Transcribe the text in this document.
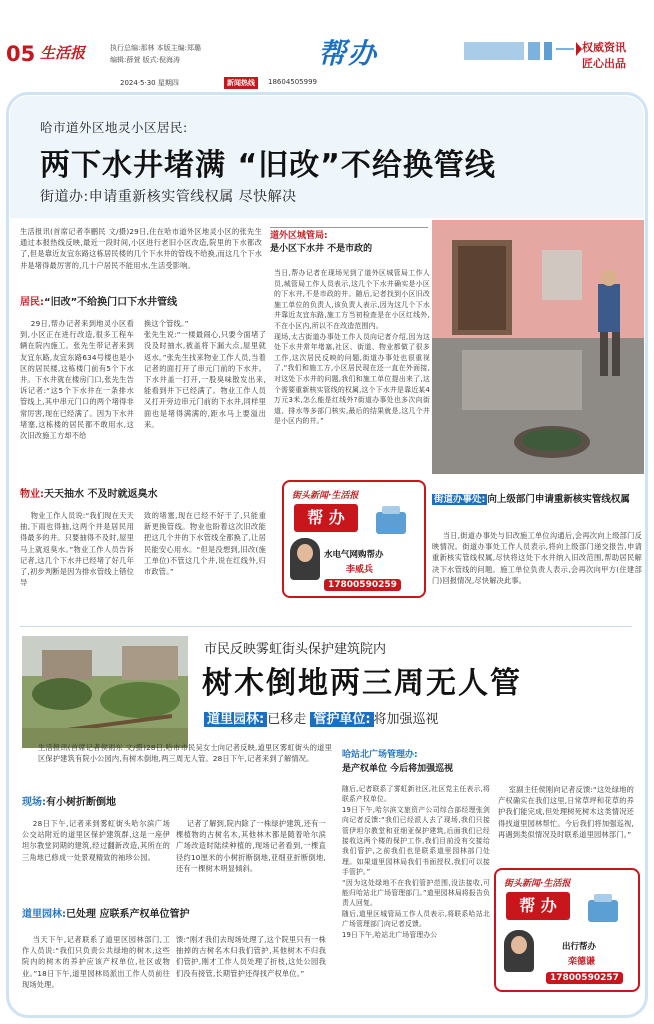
05 生活报	执行总编:那林 本版主编:郑璐
编辑:薛萱 版式:倪海涛
2024·5·30 星期四	新闻热线	18604505999
帮办	权威资讯
匠心出品
哈市道外区地灵小区居民:
两下水井堵满 “旧改”不给换管线
街道办:申请重新核实管线权属 尽快解决
生活报讯(首席记者李鹏民 文/摄)29日,住在哈市道外区地灵小区的张先生通过本报热线反映,最近一段时间,小区进行老旧小区改造,院里的下水都改了,但是靠近友宜东路这栋居民楼的几个下水井的管线不给换,而这几个下水井是堵得最厉害的,几十户居民不能用水,生活受影响。
居民:“旧改”不给换门口下水井管线

29日,帮办记者来到地灵小区看到,小区正在进行改造,很多工程车辆在院内施工。张先生带记者来到友宜东路,友宜东路634号楼也是小区的居民楼,这栋楼门前有5个下水井。下水井就在楼房门口,张先生告诉记者:“这5个下水井在一条排水管线上,其中串元门口的两个堵得非常厉害,现在已经满了。因为下水井堵塞,这栋楼的居民都不敢用水,这次旧改施工方却不给

换这个管线。”
张先生说:“一楼最闹心,只要今面堵了没及时抽水,被盖将下漏大点,屋里就返水。”张先生找来物业工作人员,当着记者的面打开了串元门前的下水井。下水井盖一打开,一股臭味散发出来,能看到井下已经满了。物业工作人员又打开旁边串元门前的下水井,同样里面也是堵得满满的,距水马上要溢出来。
物业:天天抽水 不及时就返臭水

物业工作人员说:“我们现在天天抽,下雨也得抽,这两个井是居民用得最多的井。只要抽得不及时,屋里马上就返臭水。”物业工作人员告诉记者,这几个下水井已经堵了好几年了,初步判断是因为排水管线上错位导

致的堵塞,现在已经不好干了,只能重新更换管线。物业也盼着这次旧改能把这几个井的下水管线全都换了,让居民能安心用水。“但是没想到,旧改(施工单位)不管这几个井,说在红线外,归市政管。”
道外区城管局:
是小区下水井 不是市政的
当日,帮办记者在现场见到了道外区城管局工作人员,城管局工作人员表示,这几个下水井确实是小区的下水井,不是市政的井。随后,记者找到小区旧改施工单位的负责人,该负责人表示,因为这几个下水井靠近友宜东路,施工方当初检查是在小区红线外,不在小区内,所以不在改造范围内。
现场,太古街道办事处工作人员向记者介绍,因为这处下水井常年堵塞,社区、街道、物业都做了很多工作,这次居民反映的问题,街道办事处也很重视了,“我们和施工方,小区居民现在还一直在外面接,对这处下水井的问题,我们和施工单位提出来了,这个需要重新核实管线的权属,这个下水井是靠近某4万元3米,怎么能是红线外?街道办事处也多次向街道、排水等多部门核实,最后的结果就是,这几个井是小区内的井。”
街道办事处: 向上级部门申请重新核实管线权属

当日,街道办事处与旧改施工单位沟通后,会再次向上级部门反映情况。街道办事处工作人员表示,将向上级部门递交报告,申请重新核实管线权属,尽快将这处下水井纳入旧改范围,帮助居民解决下水管线的问题。施工单位负责人表示,会再次向甲方(住建部门)回报情况,尽快解决此事。

街头新闻·生活报
帮 办
水电气网购帮办
李威兵
17800590259
市民反映雾虹街头保护建筑院内
树木倒地两三周无人管
道里园林: 已移走 管护单位: 将加强巡视
生活报讯(首席记者侯雨东 文/摄)28日,哈市市民吴女士向记者反映,道里区雾虹街头的道里区保护建筑有院小公园内,有树木倒地,两三周无人管。28日下午,记者来到了解情况。
现场:有小树折断倒地

28日下午,记者来到雾虹街头哈尔滨广场公交站附近的道里区保护建筑群,这是一座伊坦尔教堂同期的建筑,经过翻新改造,其所在的三角地已修成一处景观精致的袖珍公园。

记者了解到,院内除了一株绿护建筑,还有一棵植物的古树名木,其他林木都是随着哈尔滨广场改造时陆续种植的,现场记者看到,一棵直径约10厘米的小树折断倒地,亚细亚折断倒地,还有一棵树木明显倾斜。

道里园林:已处理 应联系产权单位管护

当天下午,记者联系了道里区园林部门,工作人员说:“我们只负责公共绿地的树木,这些院内的树木的养护应该产权单位,社区或物业。”18日下午,道里园林局派出工作人员前往现场处理。

馈:“刚才我们去现场处理了,这个院里只有一株抽掉的古树名木归我们管护,其他树木不归我们管护,刚才工作人员处理了折枝,这处公园我们没有接管,长期管护还得找产权单位。”
哈站北广场管理办:
是产权单位 今后将加强巡视
随后,记者联系了雾虹新社区,社区党主任表示,将联系产权单位。
19日下午,哈尔滨文旅资产公司综合部经理张剑向记者反馈:“我们已经派人去了现场,我们只接管伊坦尔教堂和亚细亚保护建筑,后面我们已经接收这两个楼的保护工作,我们目前没有交接给我们管护,之前我们也是联系道里园林部门处理。如果道里园林局我们书面授权,我们可以接手管护。”
“因为这处绿地不在我们管护范围,没法接收,可能归哈站北广场管理部门。”道里园林局将报告负责人回复。
随后,道里区城管局工作人员表示,将联系哈站北广场管理部门向记者反馈。
19日下午,哈站北广场管理办公

室副主任侯刚向记者反馈:“这处绿地的产权确实在我们这里,日常草坪和花草的养护我们能完成,但处理树死树木这类情况还得找道里园林帮忙。今后我们将加强巡视,再遇到类似情况及时联系道里园林部门。”

街头新闻·生活报
帮 办
出行帮办
栾德谦
17800590257
